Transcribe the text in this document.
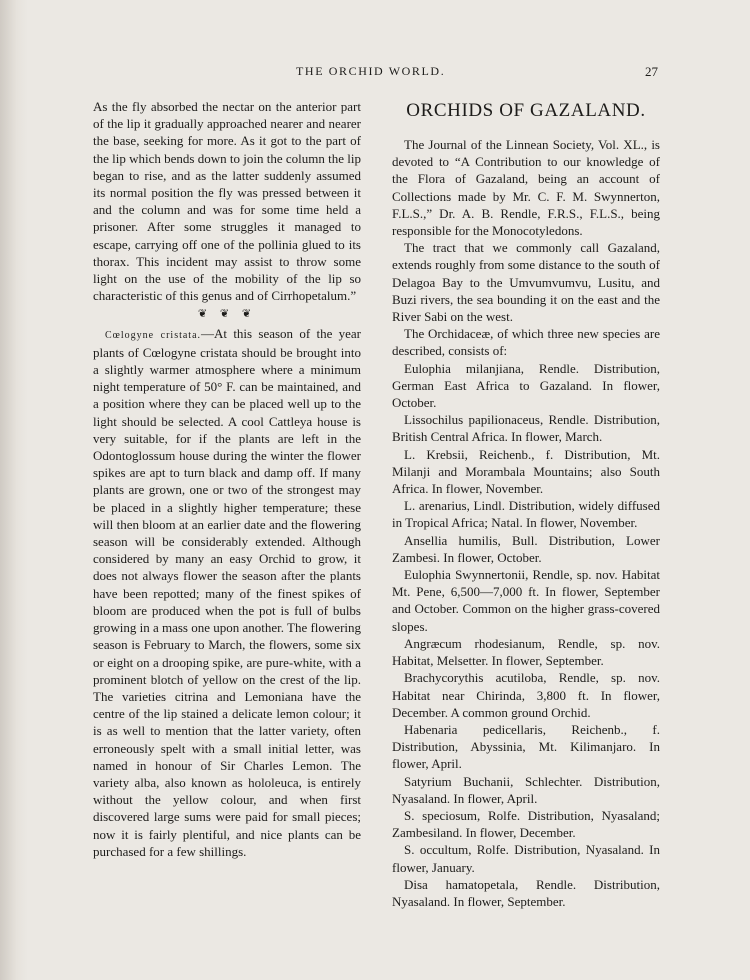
THE ORCHID WORLD.	27

As the fly absorbed the nectar on the anterior part of the lip it gradually approached nearer and nearer the base, seeking for more. As it got to the part of the lip which bends down to join the column the lip began to rise, and as the latter suddenly assumed its normal position the fly was pressed between it and the column and was for some time held a prisoner. After some struggles it managed to escape, carrying off one of the pollinia glued to its thorax. This incident may assist to throw some light on the use of the mobility of the lip so characteristic of this genus and of Cirrhopetalum.”

❦ ❦ ❦

Cœlogyne cristata.—At this season of the year plants of Cœlogyne cristata should be brought into a slightly warmer atmosphere where a minimum night temperature of 50° F. can be maintained, and a position where they can be placed well up to the light should be selected. A cool Cattleya house is very suitable, for if the plants are left in the Odontoglossum house during the winter the flower spikes are apt to turn black and damp off. If many plants are grown, one or two of the strongest may be placed in a slightly higher temperature; these will then bloom at an earlier date and the flowering season will be considerably extended. Although considered by many an easy Orchid to grow, it does not always flower the season after the plants have been repotted; many of the finest spikes of bloom are produced when the pot is full of bulbs growing in a mass one upon another. The flowering season is February to March, the flowers, some six or eight on a drooping spike, are pure-white, with a prominent blotch of yellow on the crest of the lip. The varieties citrina and Lemoniana have the centre of the lip stained a delicate lemon colour; it is as well to mention that the latter variety, often erroneously spelt with a small initial letter, was named in honour of Sir Charles Lemon. The variety alba, also known as hololeuca, is entirely without the yellow colour, and when first discovered large sums were paid for small pieces; now it is fairly plentiful, and nice plants can be purchased for a few shillings.

ORCHIDS OF GAZALAND.

The Journal of the Linnean Society, Vol. XL., is devoted to “A Contribution to our knowledge of the Flora of Gazaland, being an account of Collections made by Mr. C. F. M. Swynnerton, F.L.S.,” Dr. A. B. Rendle, F.R.S., F.L.S., being responsible for the Monocotyledons.

The tract that we commonly call Gazaland, extends roughly from some distance to the south of Delagoa Bay to the Umvumvumvu, Lusitu, and Buzi rivers, the sea bounding it on the east and the River Sabi on the west.

The Orchidaceæ, of which three new species are described, consists of:

Eulophia milanjiana, Rendle. Distribution, German East Africa to Gazaland. In flower, October.

Lissochilus papilionaceus, Rendle. Distribution, British Central Africa. In flower, March.

L. Krebsii, Reichenb., f. Distribution, Mt. Milanji and Morambala Mountains; also South Africa. In flower, November.

L. arenarius, Lindl. Distribution, widely diffused in Tropical Africa; Natal. In flower, November.

Ansellia humilis, Bull. Distribution, Lower Zambesi. In flower, October.

Eulophia Swynnertonii, Rendle, sp. nov. Habitat Mt. Pene, 6,500—7,000 ft. In flower, September and October. Common on the higher grass-covered slopes.

Angræcum rhodesianum, Rendle, sp. nov. Habitat, Melsetter. In flower, September.

Brachycorythis acutiloba, Rendle, sp. nov. Habitat near Chirinda, 3,800 ft. In flower, December. A common ground Orchid.

Habenaria pedicellaris, Reichenb., f. Distribution, Abyssinia, Mt. Kilimanjaro. In flower, April.

Satyrium Buchanii, Schlechter. Distribution, Nyasaland. In flower, April.

S. speciosum, Rolfe. Distribution, Nyasaland; Zambesiland. In flower, December.

S. occultum, Rolfe. Distribution, Nyasaland. In flower, January.

Disa hamatopetala, Rendle. Distribution, Nyasaland. In flower, September.
